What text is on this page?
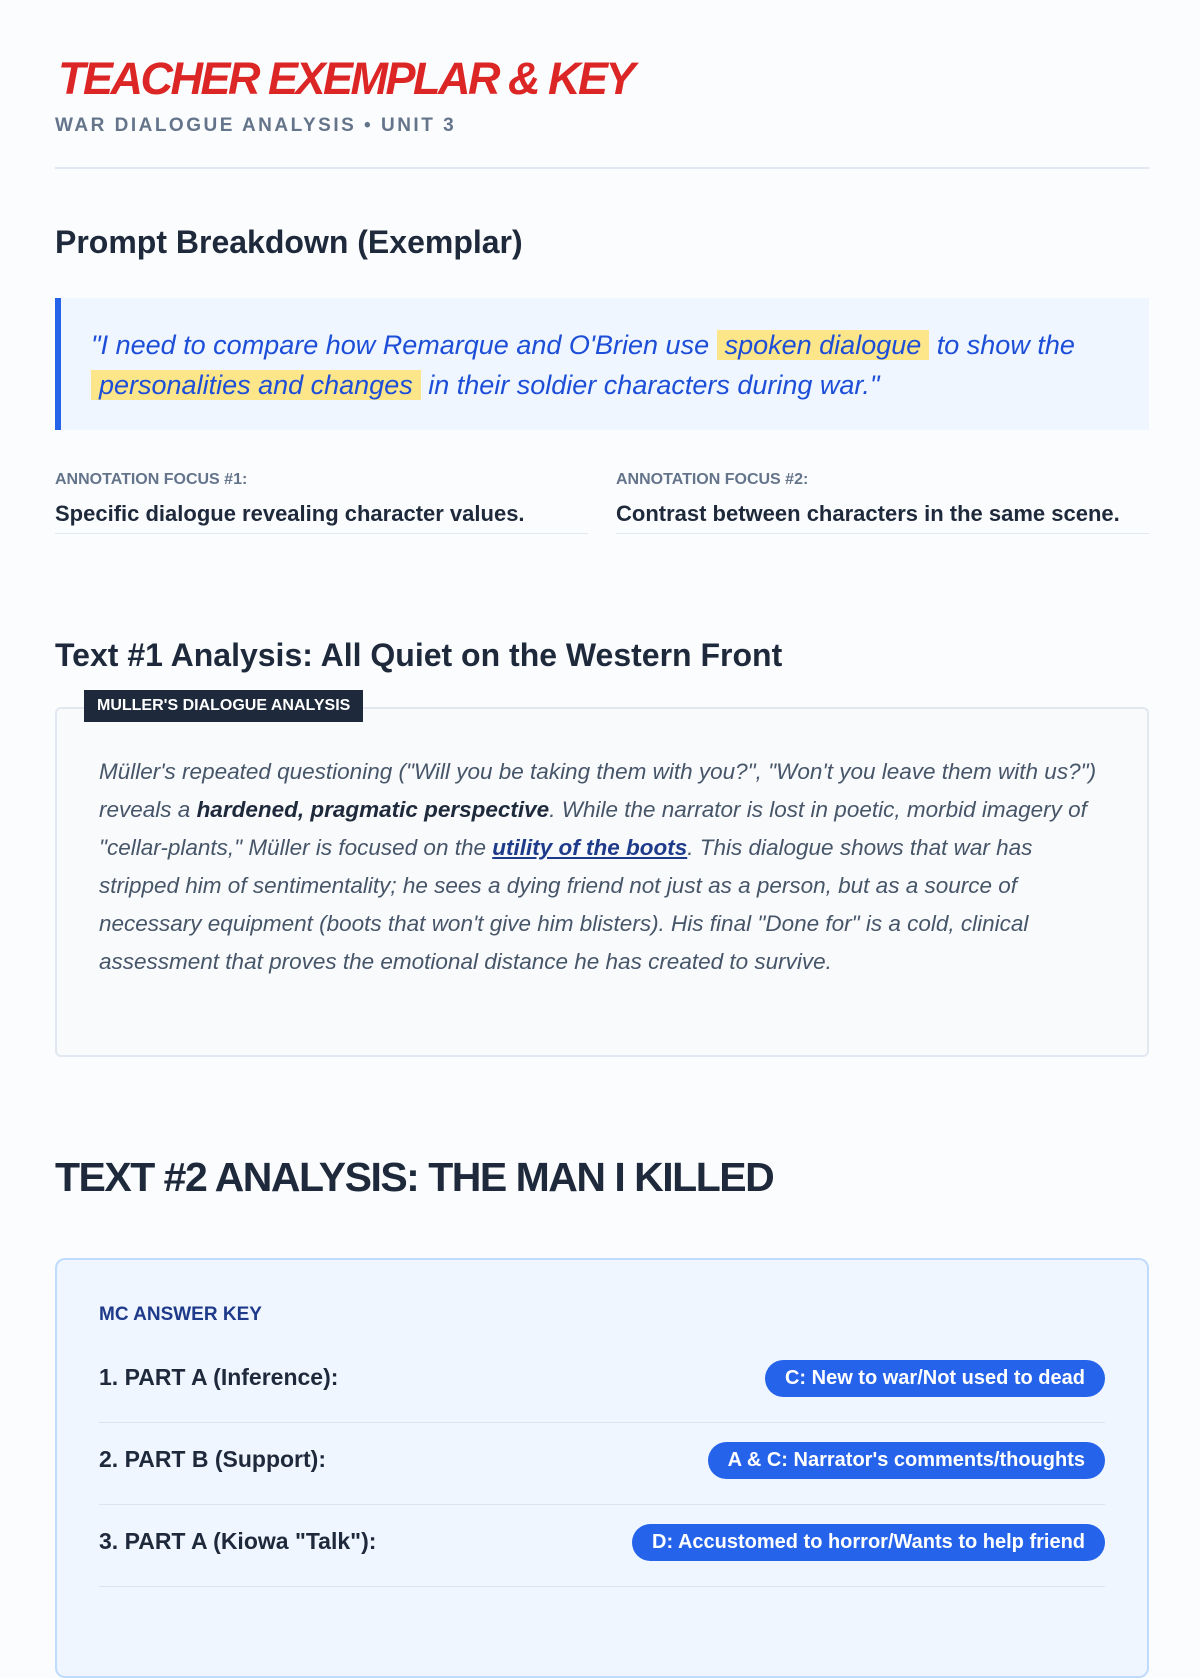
TEACHER EXEMPLAR & KEY
WAR DIALOGUE ANALYSIS • UNIT 3
Prompt Breakdown (Exemplar)
"I need to compare how Remarque and O'Brien use spoken dialogue to show the personalities and changes in their soldier characters during war."
ANNOTATION FOCUS #1:
Specific dialogue revealing character values.
ANNOTATION FOCUS #2:
Contrast between characters in the same scene.
Text #1 Analysis: All Quiet on the Western Front
Müller's repeated questioning ("Will you be taking them with you?", "Won't you leave them with us?") reveals a hardened, pragmatic perspective. While the narrator is lost in poetic, morbid imagery of "cellar-plants," Müller is focused on the utility of the boots. This dialogue shows that war has stripped him of sentimentality; he sees a dying friend not just as a person, but as a source of necessary equipment (boots that won't give him blisters). His final "Done for" is a cold, clinical assessment that proves the emotional distance he has created to survive.
MULLER'S DIALOGUE ANALYSIS
TEXT #2 ANALYSIS: THE MAN I KILLED
MC ANSWER KEY
1. PART A (Inference):	C: New to war/Not used to dead
2. PART B (Support):	A & C: Narrator's comments/thoughts
3. PART A (Kiowa "Talk"):	D: Accustomed to horror/Wants to help friend
